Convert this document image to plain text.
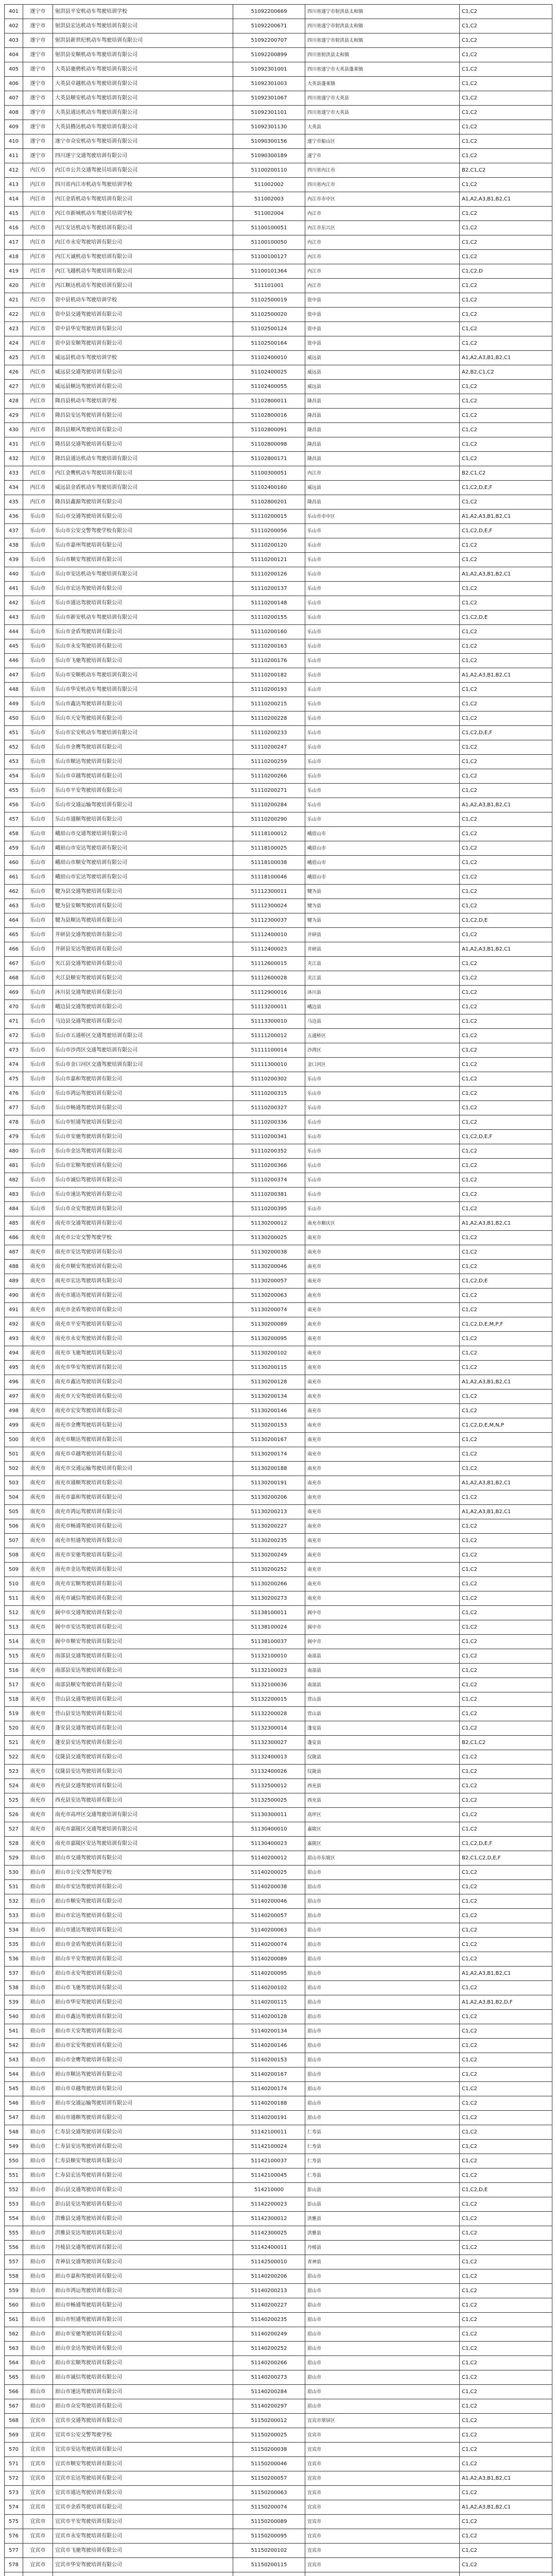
401	遂宁市	射洪县平安机动车驾驶培训学校	51092200669	四川省遂宁市射洪县太和镇	C1,C2
402	遂宁市	射洪县宏达机动车驾驶培训有限公司	51092200671	四川省遂宁市射洪县太和镇	C1,C2
403	遂宁市	射洪县新世纪机动车驾驶培训有限公司	51092200707	四川省遂宁市射洪县太和镇	C1,C2
404	遂宁市	射洪县安顺机动车驾驶培训有限公司	51092200899	四川省射洪县太和镇	C1,C2
405	遂宁市	大英县驰骋机动车驾驶培训有限公司	51092301001	四川省遂宁市大英县蓬莱镇	C1,C2
406	遂宁市	大英县卓越机动车驾驶培训有限公司	51092301003	大英县蓬莱镇	C1,C2
407	遂宁市	大英县顺安机动车驾驶培训有限公司	51092301067	四川省遂宁市大英县	C1,C2
408	遂宁市	大英县通达机动车驾驶培训有限公司	51092301101	四川省遂宁市大英县	C1,C2
409	遂宁市	大英县腾达机动车驾驶培训有限公司	51092301130	大英县	C1,C2
410	遂宁市	遂宁市众安机动车驾驶培训有限公司	51090300156	遂宁市船山区	C1,C2
411	遂宁市	四川遂宁交通驾驶培训有限公司	51090300189	遂宁市	C1,C2
412	内江市	内江市公共交通驾驶员培训有限公司	51100200110	四川省内江市	B2,C1,C2
413	内江市	四川省内江市机动车驾驶培训学校	511002002	四川省内江市	C1,C2
414	内江市	内江金盾机动车驾驶培训有限公司	511002003	内江市市中区	A1,A2,A3,B1,B2,C1
415	内江市	内江市新城机动车驾驶员培训学校	511002004	内江市	C1,C2
416	内江市	内江安达机动车驾驶培训有限公司	51100100051	内江市东兴区	C1,C2
417	内江市	内江市永安驾驶培训有限公司	51100100050	内江市	C1,C2
418	内江市	内江天诚机动车驾驶培训有限公司	51100100127	内江市	C1,C2
419	内江市	内江飞越机动车驾驶培训有限公司	51100101364	内江市	C1,C2,D
420	内江市	内江顺达机动车驾驶培训有限公司	511101001	内江市	C1,C2
421	内江市	资中县机动车驾驶培训学校	51102500019	资中县	C1,C2
422	内江市	资中县交通驾驶培训有限公司	51102500020	资中县	C1,C2
423	内江市	资中县华安驾驶培训有限公司	51102500124	资中县	C1,C2
424	内江市	资中县安顺驾驶培训有限公司	51102500164	资中县	C1,C2
425	内江市	威远县机动车驾驶培训学校	51102400010	威远县	A1,A2,A3,B1,B2,C1
426	内江市	威远县交通驾驶培训有限公司	51102400025	威远县	A2,B2,C1,C2
427	内江市	威远县顺达驾驶培训有限公司	51102400055	威远县	C1,C2
428	内江市	隆昌县机动车驾驶培训学校	51102800011	隆昌县	C1,C2
429	内江市	隆昌县安达驾驶培训有限公司	51102800016	隆昌县	C1,C2
430	内江市	隆昌县顺风驾驶培训有限公司	51102800091	隆昌县	C1,C2
431	内江市	隆昌县交通驾驶培训有限公司	51102800098	隆昌县	C1,C2
432	内江市	隆昌县通达机动车驾驶培训有限公司	51102800171	隆昌县	C1,C2
433	内江市	内江金鹰机动车驾驶培训有限公司	51100300051	内江市	B2,C1,C2
434	内江市	威远县金盾机动车驾驶培训有限公司	51102400160	威远县	C1,C2,D,E,F
435	内江市	隆昌县鑫源驾驶培训有限公司	51102800201	隆昌县	C1,C2
436	乐山市	乐山市交通驾驶培训有限公司	51110200015	乐山市市中区	A1,A2,A3,B1,B2,C1
437	乐山市	乐山市公安交警驾驶学校有限公司	51110200056	乐山市	C1,C2,D,E,F
438	乐山市	乐山市嘉州驾驶培训有限公司	51110200120	乐山市	C1,C2
439	乐山市	乐山市顺安驾驶培训有限公司	51110200121	乐山市	C1,C2
440	乐山市	乐山市安达机动车驾驶培训有限公司	51110200126	乐山市	A1,A2,A3,B1,B2,C1
441	乐山市	乐山市宏达驾驶培训有限公司	51110200137	乐山市	C1,C2
442	乐山市	乐山市通达驾驶培训有限公司	51110200148	乐山市	C1,C2
443	乐山市	乐山市新安机动车驾驶培训有限公司	51110200155	乐山市	C1,C2,D,E
444	乐山市	乐山市金盾驾驶培训有限公司	51110200160	乐山市	C1,C2
445	乐山市	乐山市永安驾驶培训有限公司	51110200163	乐山市	C1,C2
446	乐山市	乐山市飞驰驾驶培训有限公司	51110200176	乐山市	C1,C2
447	乐山市	乐山市安顺机动车驾驶培训有限公司	51110200182	乐山市	A1,A2,A3,B1,B2,C1
448	乐山市	乐山市华安机动车驾驶培训有限公司	51110200193	乐山市	C1,C2
449	乐山市	乐山市鑫达驾驶培训有限公司	51110200215	乐山市	C1,C2
450	乐山市	乐山市天安驾驶培训有限公司	51110200228	乐山市	C1,C2
451	乐山市	乐山市宏安机动车驾驶培训有限公司	51110200233	乐山市	C1,C2,D,E,F
452	乐山市	乐山市金鹰驾驶培训有限公司	51110200247	乐山市	C1,C2
453	乐山市	乐山市顺达驾驶培训有限公司	51110200259	乐山市	C1,C2
454	乐山市	乐山市卓越驾驶培训有限公司	51110200266	乐山市	C1,C2
455	乐山市	乐山市平安驾驶培训有限公司	51110200271	乐山市	C1,C2
456	乐山市	乐山市交通运输驾驶培训有限公司	51110200284	乐山市	A1,A2,A3,B1,B2,C1
457	乐山市	乐山市通顺驾驶培训有限公司	51110200290	乐山市	C1,C2
458	乐山市	峨眉山市交通驾驶培训有限公司	51118100012	峨眉山市	C1,C2
459	乐山市	峨眉山市安达驾驶培训有限公司	51118100025	峨眉山市	C1,C2
460	乐山市	峨眉山市顺安驾驶培训有限公司	51118100038	峨眉山市	C1,C2
461	乐山市	峨眉山市宏达驾驶培训有限公司	51118100046	峨眉山市	C1,C2
462	乐山市	犍为县交通驾驶培训有限公司	51112300011	犍为县	C1,C2
463	乐山市	犍为县安顺驾驶培训有限公司	51112300024	犍为县	C1,C2
464	乐山市	犍为县顺达驾驶培训有限公司	51112300037	犍为县	C1,C2,D,E
465	乐山市	井研县交通驾驶培训有限公司	51112400010	井研县	C1,C2
466	乐山市	井研县安达驾驶培训有限公司	51112400023	井研县	A1,A2,A3,B1,B2,C1
467	乐山市	夹江县交通驾驶培训有限公司	51112600015	夹江县	C1,C2
468	乐山市	夹江县顺安驾驶培训有限公司	51112600028	夹江县	C1,C2
469	乐山市	沐川县交通驾驶培训有限公司	51112900016	沐川县	C1,C2
470	乐山市	峨边县交通驾驶培训有限公司	51113200011	峨边县	C1,C2
471	乐山市	马边县交通驾驶培训有限公司	51113300010	马边县	C1,C2
472	乐山市	乐山市五通桥区交通驾驶培训有限公司	51111200012	五通桥区	C1,C2
473	乐山市	乐山市沙湾区交通驾驶培训有限公司	51111100014	沙湾区	C1,C2
474	乐山市	乐山市金口河区交通驾驶培训有限公司	51111300010	金口河区	C1,C2
475	乐山市	乐山市嘉和驾驶培训有限公司	51110200302	乐山市	C1,C2
476	乐山市	乐山市鸿运驾驶培训有限公司	51110200315	乐山市	C1,C2
477	乐山市	乐山市畅通驾驶培训有限公司	51110200327	乐山市	C1,C2
478	乐山市	乐山市恒通驾驶培训有限公司	51110200336	乐山市	C1,C2
479	乐山市	乐山市安驰驾驶培训有限公司	51110200341	乐山市	C1,C2,D,E,F
480	乐山市	乐山市金达驾驶培训有限公司	51110200352	乐山市	C1,C2
481	乐山市	乐山市宏顺驾驶培训有限公司	51110200366	乐山市	C1,C2
482	乐山市	乐山市诚信驾驶培训有限公司	51110200374	乐山市	C1,C2
483	乐山市	乐山市速达驾驶培训有限公司	51110200381	乐山市	C1,C2
484	乐山市	乐山市众安驾驶培训有限公司	51110200395	乐山市	C1,C2
485	南充市	南充市交通驾驶培训有限公司	51130200012	南充市顺庆区	A1,A2,A3,B1,B2,C1
486	南充市	南充市公安交警驾驶学校	51130200025	南充市	C1,C2
487	南充市	南充市安达驾驶培训有限公司	51130200038	南充市	C1,C2
488	南充市	南充市顺安驾驶培训有限公司	51130200046	南充市	C1,C2
489	南充市	南充市宏达驾驶培训有限公司	51130200057	南充市	C1,C2,D,E
490	南充市	南充市通达驾驶培训有限公司	51130200063	南充市	C1,C2
491	南充市	南充市金盾驾驶培训有限公司	51130200074	南充市	C1,C2
492	南充市	南充市平安驾驶培训有限公司	51130200089	南充市	C1,C2,D,E,M,P,F
493	南充市	南充市永安驾驶培训有限公司	51130200095	南充市	C1,C2
494	南充市	南充市飞驰驾驶培训有限公司	51130200102	南充市	C1,C2
495	南充市	南充市华安驾驶培训有限公司	51130200115	南充市	C1,C2
496	南充市	南充市鑫达驾驶培训有限公司	51130200128	南充市	A1,A2,A3,B1,B2,C1
497	南充市	南充市天安驾驶培训有限公司	51130200134	南充市	C1,C2
498	南充市	南充市宏安驾驶培训有限公司	51130200146	南充市	C1,C2
499	南充市	南充市金鹰驾驶培训有限公司	51130200153	南充市	C1,C2,D,E,M,N,P
500	南充市	南充市顺达驾驶培训有限公司	51130200167	南充市	C1,C2
501	南充市	南充市卓越驾驶培训有限公司	51130200174	南充市	C1,C2
502	南充市	南充市交通运输驾驶培训有限公司	51130200188	南充市	C1,C2
503	南充市	南充市通顺驾驶培训有限公司	51130200191	南充市	A1,A2,A3,B1,B2,C1
504	南充市	南充市嘉和驾驶培训有限公司	51130200206	南充市	C1,C2
505	南充市	南充市鸿运驾驶培训有限公司	51130200213	南充市	A1,A2,A3,B1,B2,C1
506	南充市	南充市畅通驾驶培训有限公司	51130200227	南充市	C1,C2
507	南充市	南充市恒通驾驶培训有限公司	51130200235	南充市	C1,C2
508	南充市	南充市安驰驾驶培训有限公司	51130200249	南充市	C1,C2
509	南充市	南充市金达驾驶培训有限公司	51130200252	南充市	C1,C2
510	南充市	南充市宏顺驾驶培训有限公司	51130200266	南充市	C1,C2
511	南充市	南充市诚信驾驶培训有限公司	51130200273	南充市	C1,C2
512	南充市	阆中市交通驾驶培训有限公司	51138100011	阆中市	C1,C2
513	南充市	阆中市安达驾驶培训有限公司	51138100024	阆中市	C1,C2
514	南充市	阆中市顺安驾驶培训有限公司	51138100037	阆中市	C1,C2
515	南充市	南部县交通驾驶培训有限公司	51132100010	南部县	C1,C2
516	南充市	南部县安达驾驶培训有限公司	51132100023	南部县	C1,C2
517	南充市	南部县顺安驾驶培训有限公司	51132100036	南部县	C1,C2
518	南充市	营山县交通驾驶培训有限公司	51132200015	营山县	C1,C2
519	南充市	营山县安达驾驶培训有限公司	51132200028	营山县	C1,C2
520	南充市	蓬安县交通驾驶培训有限公司	51132300014	蓬安县	C1,C2
521	南充市	蓬安县安达驾驶培训有限公司	51132300027	蓬安县	B2,C1,C2
522	南充市	仪陇县交通驾驶培训有限公司	51132400013	仪陇县	C1,C2
523	南充市	仪陇县安达驾驶培训有限公司	51132400026	仪陇县	C1,C2
524	南充市	西充县交通驾驶培训有限公司	51132500012	西充县	C1,C2
525	南充市	西充县安达驾驶培训有限公司	51132500025	西充县	C1,C2
526	南充市	南充市高坪区交通驾驶培训有限公司	51130300011	高坪区	C1,C2
527	南充市	南充市嘉陵区交通驾驶培训有限公司	51130400010	嘉陵区	C1,C2
528	南充市	南充市嘉陵区安达驾驶培训有限公司	51130400023	嘉陵区	C1,C2,D,E,F
529	眉山市	眉山市交通驾驶培训有限公司	51140200012	眉山市东坡区	B2,C1,C2,D,E,F
530	眉山市	眉山市公安交警驾驶学校	51140200025	眉山市	C1,C2
531	眉山市	眉山市安达驾驶培训有限公司	51140200038	眉山市	C1,C2
532	眉山市	眉山市顺安驾驶培训有限公司	51140200046	眉山市	C1,C2
533	眉山市	眉山市宏达驾驶培训有限公司	51140200057	眉山市	C1,C2
534	眉山市	眉山市通达驾驶培训有限公司	51140200063	眉山市	C1,C2
535	眉山市	眉山市金盾驾驶培训有限公司	51140200074	眉山市	C1,C2
536	眉山市	眉山市平安驾驶培训有限公司	51140200089	眉山市	C1,C2
537	眉山市	眉山市永安驾驶培训有限公司	51140200095	眉山市	A1,A2,A3,B1,B2,C1
538	眉山市	眉山市飞驰驾驶培训有限公司	51140200102	眉山市	C1,C2
539	眉山市	眉山市华安驾驶培训有限公司	51140200115	眉山市	A1,A2,A3,B1,B2,D,F
540	眉山市	眉山市鑫达驾驶培训有限公司	51140200128	眉山市	C1,C2
541	眉山市	眉山市天安驾驶培训有限公司	51140200134	眉山市	C1,C2
542	眉山市	眉山市宏安驾驶培训有限公司	51140200146	眉山市	C1,C2
543	眉山市	眉山市金鹰驾驶培训有限公司	51140200153	眉山市	C1,C2
544	眉山市	眉山市顺达驾驶培训有限公司	51140200167	眉山市	C1,C2
545	眉山市	眉山市卓越驾驶培训有限公司	51140200174	眉山市	C1,C2
546	眉山市	眉山市交通运输驾驶培训有限公司	51140200188	眉山市	C1,C2
547	眉山市	眉山市通顺驾驶培训有限公司	51140200191	眉山市	C1,C2
548	眉山市	仁寿县交通驾驶培训有限公司	51142100011	仁寿县	C1,C2
549	眉山市	仁寿县安达驾驶培训有限公司	51142100024	仁寿县	C1,C2
550	眉山市	仁寿县顺安驾驶培训有限公司	51142100037	仁寿县	C1,C2
551	眉山市	仁寿县宏达驾驶培训有限公司	51142100045	仁寿县	C1,C2
552	眉山市	彭山县交通驾驶培训有限公司	514210000	彭山县	C1,C2,D,E
553	眉山市	彭山县安达驾驶培训有限公司	51142200023	彭山县	C1,C2
554	眉山市	洪雅县交通驾驶培训有限公司	51142300012	洪雅县	C1,C2
555	眉山市	洪雅县安达驾驶培训有限公司	51142300025	洪雅县	C1,C2
556	眉山市	丹棱县交通驾驶培训有限公司	51142400011	丹棱县	C1,C2
557	眉山市	青神县交通驾驶培训有限公司	51142500010	青神县	C1,C2
558	眉山市	眉山市嘉和驾驶培训有限公司	51140200206	眉山市	C1,C2
559	眉山市	眉山市鸿运驾驶培训有限公司	51140200213	眉山市	C1,C2
560	眉山市	眉山市畅通驾驶培训有限公司	51140200227	眉山市	C1,C2
561	眉山市	眉山市恒通驾驶培训有限公司	51140200235	眉山市	C1,C2
562	眉山市	眉山市安驰驾驶培训有限公司	51140200249	眉山市	C1,C2
563	眉山市	眉山市金达驾驶培训有限公司	51140200252	眉山市	C1,C2
564	眉山市	眉山市宏顺驾驶培训有限公司	51140200266	眉山市	C1,C2
565	眉山市	眉山市诚信驾驶培训有限公司	51140200273	眉山市	C1,C2
566	眉山市	眉山市速达驾驶培训有限公司	51140200284	眉山市	C1,C2
567	眉山市	眉山市众安驾驶培训有限公司	51140200297	眉山市	C1,C2
568	宜宾市	宜宾市交通驾驶培训有限公司	51150200012	宜宾市翠屏区	C1,C2
569	宜宾市	宜宾市公安交警驾驶学校	51150200025	宜宾市	C1,C2
570	宜宾市	宜宾市安达驾驶培训有限公司	51150200038	宜宾市	C1,C2
571	宜宾市	宜宾市顺安驾驶培训有限公司	51150200046	宜宾市	C1,C2
572	宜宾市	宜宾市宏达驾驶培训有限公司	51150200057	宜宾市	A1,A2,A3,B1,B2,C1
573	宜宾市	宜宾市通达驾驶培训有限公司	51150200063	宜宾市	C1,C2
574	宜宾市	宜宾市金盾驾驶培训有限公司	51150200074	宜宾市	A1,A2,A3,B1,B2,C1
575	宜宾市	宜宾市平安驾驶培训有限公司	51150200089	宜宾市	C1,C2
576	宜宾市	宜宾市永安驾驶培训有限公司	51150200095	宜宾市	C1,C2
577	宜宾市	宜宾市飞驰驾驶培训有限公司	51150200102	宜宾市	C1,C2
578	宜宾市	宜宾市华安驾驶培训有限公司	51150200115	宜宾市	C1,C2
